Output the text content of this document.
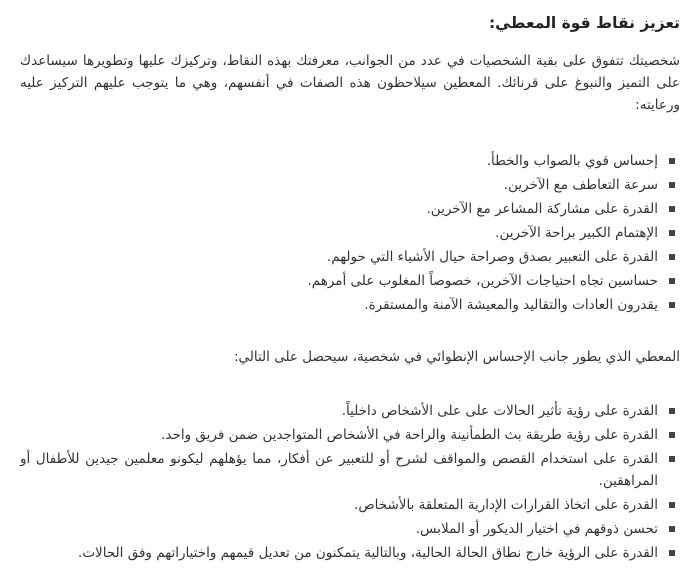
تعزيز نقاط قوة المعطي:

شخصيتك تتفوق على بقية الشخصيات في عدد من الجوانب، معرفتك بهذه النقاط، وتركيزك عليها وتطويرها سيساعدك على التميز والنبوغ على قرنائك. المعطين سيلاحظون هذه الصفات في أنفسهم، وهي ما يتوجب عليهم التركيز عليه ورعايته:

إحساس قوي بالصواب والخطأ.
سرعة التعاطف مع الآخرين.
القدرة على مشاركة المشاعر مع الآخرين.
الإهتمام الكبير براحة الآخرين.
القدرة على التعبير بصدق وصراحة حيال الأشياء التي حولهم.
حساسين تجاه احتياجات الآخرين، خصوصاً المغلوب على أمرهم.
يقدرون العادات والتقاليد والمعيشة الآمنة والمستقرة.

المعطي الذي يطور جانب الإحساس الإنطوائي في شخصية، سيحصل على التالي:

القدرة على رؤية تأثير الحالات على على الأشخاص داخلياً.
القدرة على رؤية طريقة بث الطمأنينة والراحة في الأشخاص المتواجدين ضمن فريق واحد.
القدرة على استخدام القصص والمواقف لشرح أو للتعبير عن أفكار، مما يؤهلهم ليكونو معلمين جيدين للأطفال أو المراهقين.
القدرة على اتخاذ القرارات الإدارية المتعلقة بالأشخاص.
تحسن ذوقهم في اختيار الديكور أو الملابس.
القدرة على الرؤية خارج نطاق الحالة الحالية، وبالتالية يتمكنون من تعديل قيمهم واختياراتهم وفق الحالات.
